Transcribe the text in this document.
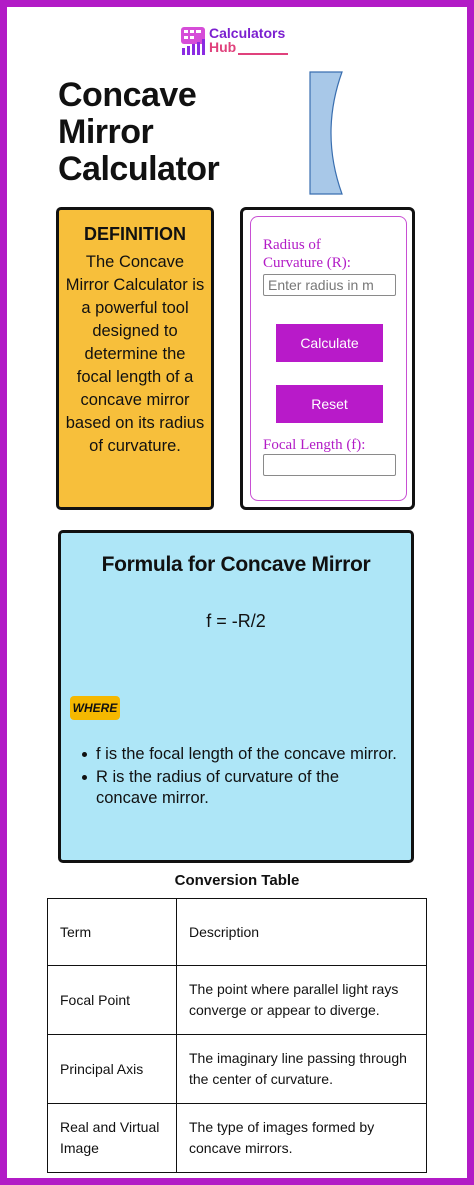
Calculators
Hub
Concave
Mirror
Calculator
DEFINITION
The Concave Mirror Calculator is a powerful tool designed to determine the focal length of a concave mirror based on its radius of curvature.
Radius of Curvature (R):
Enter radius in m
Calculate
Reset
Focal Length (f):
Formula for Concave Mirror
f = -R/2
WHERE
f is the focal length of the concave mirror.
R is the radius of curvature of the concave mirror.
Conversion Table
Term	Description
Focal Point	The point where parallel light rays converge or appear to diverge.
Principal Axis	The imaginary line passing through the center of curvature.
Real and Virtual Image	The type of images formed by concave mirrors.
